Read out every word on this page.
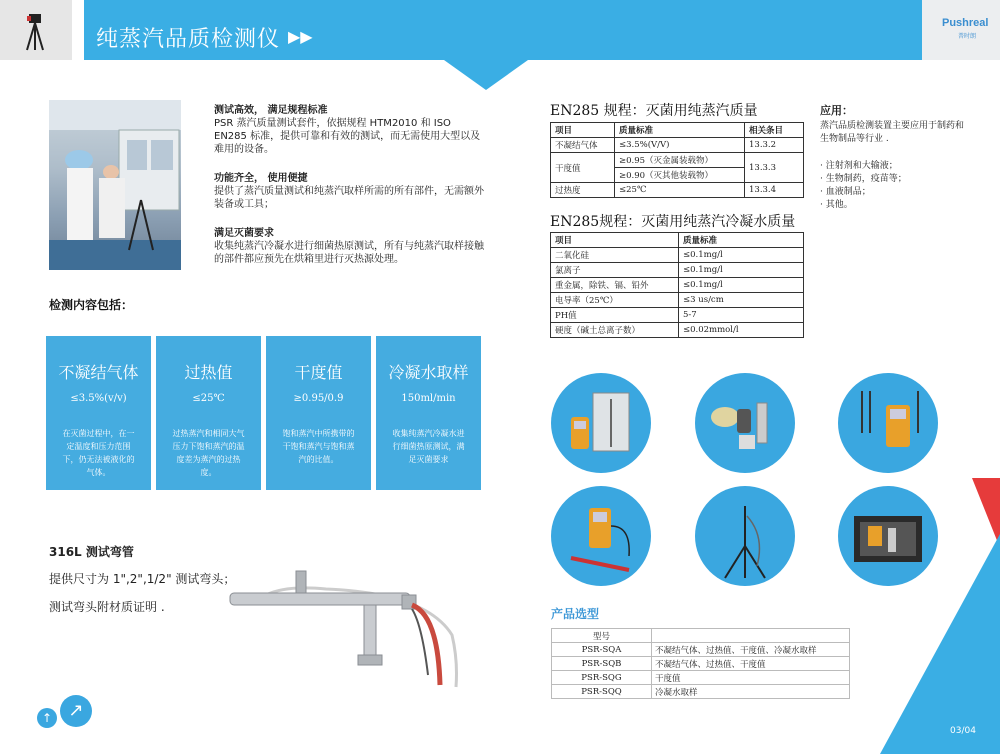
纯蒸汽品质检测仪 ▶▶
Pushreal
普时朗
测试高效， 满足规程标准
PSR 蒸汽质量测试套件，依据规程 HTM2010 和 ISO EN285 标准，提供可靠和有效的测试，而无需使用大型以及难用的设备。
功能齐全， 使用便捷
提供了蒸汽质量测试和纯蒸汽取样所需的所有部件，无需额外装备或工具；
满足灭菌要求
收集纯蒸汽冷凝水进行细菌热原测试，所有与纯蒸汽取样接触的部件都应预先在烘箱里进行灭热源处理。
检测内容包括：
不凝结气体
≤3.5%(v/v)
在灭菌过程中，在一定温度和压力范围下，仍无法被液化的气体。
过热值
≤25℃
过热蒸汽和相同大气压力下饱和蒸汽的温度差为蒸汽的过热度。
干度值
≥0.95/0.9
饱和蒸汽中所携带的干饱和蒸汽与饱和蒸汽的比值。
冷凝水取样
150ml/min
收集纯蒸汽冷凝水进行细菌热原测试，满足灭菌要求
316L 测试弯管
提供尺寸为 1",2",1/2" 测试弯头；
测试弯头附材质证明 .
EN285 规程：灭菌用纯蒸汽质量
项目	质量标准	相关条目
不凝结气体	≤3.5%(V/V)	13.3.2
干度值	≥0.95（灭金属装载物）	13.3.3
	≥0.90（灭其他装载物）	
过热度	≤25℃	13.3.4
EN285规程：灭菌用纯蒸汽冷凝水质量
项目	质量标准
二氧化硅	≤0.1mg/l
氯离子	≤0.1mg/l
重金属，除铁、镉、铅外	≤0.1mg/l
电导率（25℃）	≤3 us/cm
PH值	5-7
硬度（碱土总离子数）	≤0.02mmol/l
应用：
蒸汽品质检测装置主要应用于制药和生物制品等行业 .
· 注射剂和大输液；
· 生物制药，疫苗等；
· 血液制品；
· 其他。
产品选型
型号	
PSR-SQA	不凝结气体、过热值、干度值、冷凝水取样
PSR-SQB	不凝结气体、过热值、干度值
PSR-SQG	干度值
PSR-SQQ	冷凝水取样
↑ ↗
03/04
